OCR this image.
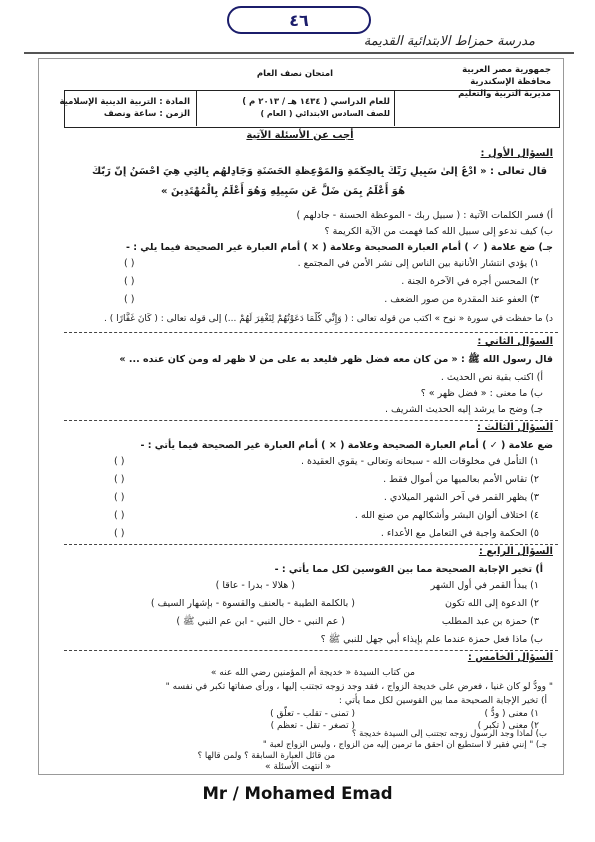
٤٦
مدرسة حمزاط الابتدائية القديمة
جمهورية مصر العربية
محافظة الإسكندرية
مديرية التربية والتعليم
امتحان نصف العام
المادة : التربية الدينية الإسلامية
الزمن : ساعة ونصف
للعام الدراسي ( ١٤٣٤ هـ / ٢٠١٣ م )
للصف السادس الابتدائي ( العام )
أجب عن الأسئلة الآتية
السؤال الأول :
قال تعالى : « ادْعُ إِلَىٰ سَبِيلِ رَبِّكَ بِالْحِكْمَةِ وَالْمَوْعِظَةِ الْحَسَنَةِ وَجَادِلْهُم بِالَّتِي هِيَ أَحْسَنُ إِنَّ رَبَّكَ
هُوَ أَعْلَمُ بِمَن ضَلَّ عَن سَبِيلِهِ وَهُوَ أَعْلَمُ بِالْمُهْتَدِينَ »
أ) فسر الكلمات الآتية : ( سبيل ربك - الموعظة الحسنة - جادلهم )
ب) كيف ندعو إلى سبيل الله كما فهمت من الآية الكريمة ؟
جـ) ضع علامة ( ✓ ) أمام العبارة الصحيحة وعلامة ( × ) أمام العبارة غير الصحيحة فيما يلي : -
١) يؤدي انتشار الأنانية بين الناس إلى نشر الأمن في المجتمع .
( )
٢) المحسن أجره في الآخرة الجنة .
( )
٣) العفو عند المقدرة من صور الضعف .
( )
د) ما حفظت في سورة « نوح » اكتب من قوله تعالى : ( وَإِنِّي كُلَّمَا دَعَوْتُهُمْ لِتَغْفِرَ لَهُمْ ...) إلى قوله تعالى : ( كَانَ غَفَّارًا ) .
السؤال الثاني :
قال رسول الله ﷺ : « من كان معه فضل ظهر فليعد به على من لا ظهر له ومن كان عنده ... »
أ) اكتب بقية نص الحديث .
ب) ما معنى : « فضل ظهر » ؟
جـ) وضح ما يرشد إليه الحديث الشريف .
السؤال الثالث :
ضع علامة ( ✓ ) أمام العبارة الصحيحة وعلامة ( × ) أمام العبارة غير الصحيحة فيما يأتي : -
١) التأمل في مخلوقات الله - سبحانه وتعالى - يقوي العقيدة .
( )
٢) تقاس الأمم بعالميها من أموال فقط .
( )
٣) يظهر القمر في آخر الشهر الميلادي .
( )
٤) اختلاف ألوان البشر وأشكالهم من صنع الله .
( )
٥) الحكمة واجبة في التعامل مع الأعداء .
( )
السؤال الرابع :
أ) تخير الإجابة الصحيحة مما بين القوسين لكل مما يأتي : -
١) يبدأ القمر في أول الشهر
( هلالا - بدرا - عاقا )
٢) الدعوة إلى الله تكون
( بالكلمة الطيبة - بالعنف والقسوة - بإشهار السيف )
٣) حمزة بن عبد المطلب
( عم النبي - خال النبي - ابن عم النبي ﷺ )
ب) ماذا فعل حمزة عندما علم بإيذاء أبي جهل للنبي ﷺ ؟
السؤال الخامس :
من كتاب السيدة « خديجة أم المؤمنين رضي الله عنه »
" وودُّ لو كان غنيا ، فعرض على خديجة الزواج ، فقد وجد زوجه تجتنب إليها ، ورأى صفاتها تكبر في نفسه "
أ) تخير الإجابة الصحيحة مما بين القوسين لكل مما يأتي :
١) معنى ( ودُّ )
( تمنى - تقلب - تعلّق )
٢) معنى ( تكبر )
( تصغر - تقل - تعظم )
ب) لماذا وجد الرسول زوجه تجتنب إلى السيدة خديجة ؟
جـ) " إنني فقير لا أستطيع أن أحقق ما ترمين إليه من الزواج ، وليس الزواج لعبة "
من قائل العبارة السابقة ؟ ولمن قالها ؟
« انتهت الأسئلة »
Mr / Mohamed Emad
